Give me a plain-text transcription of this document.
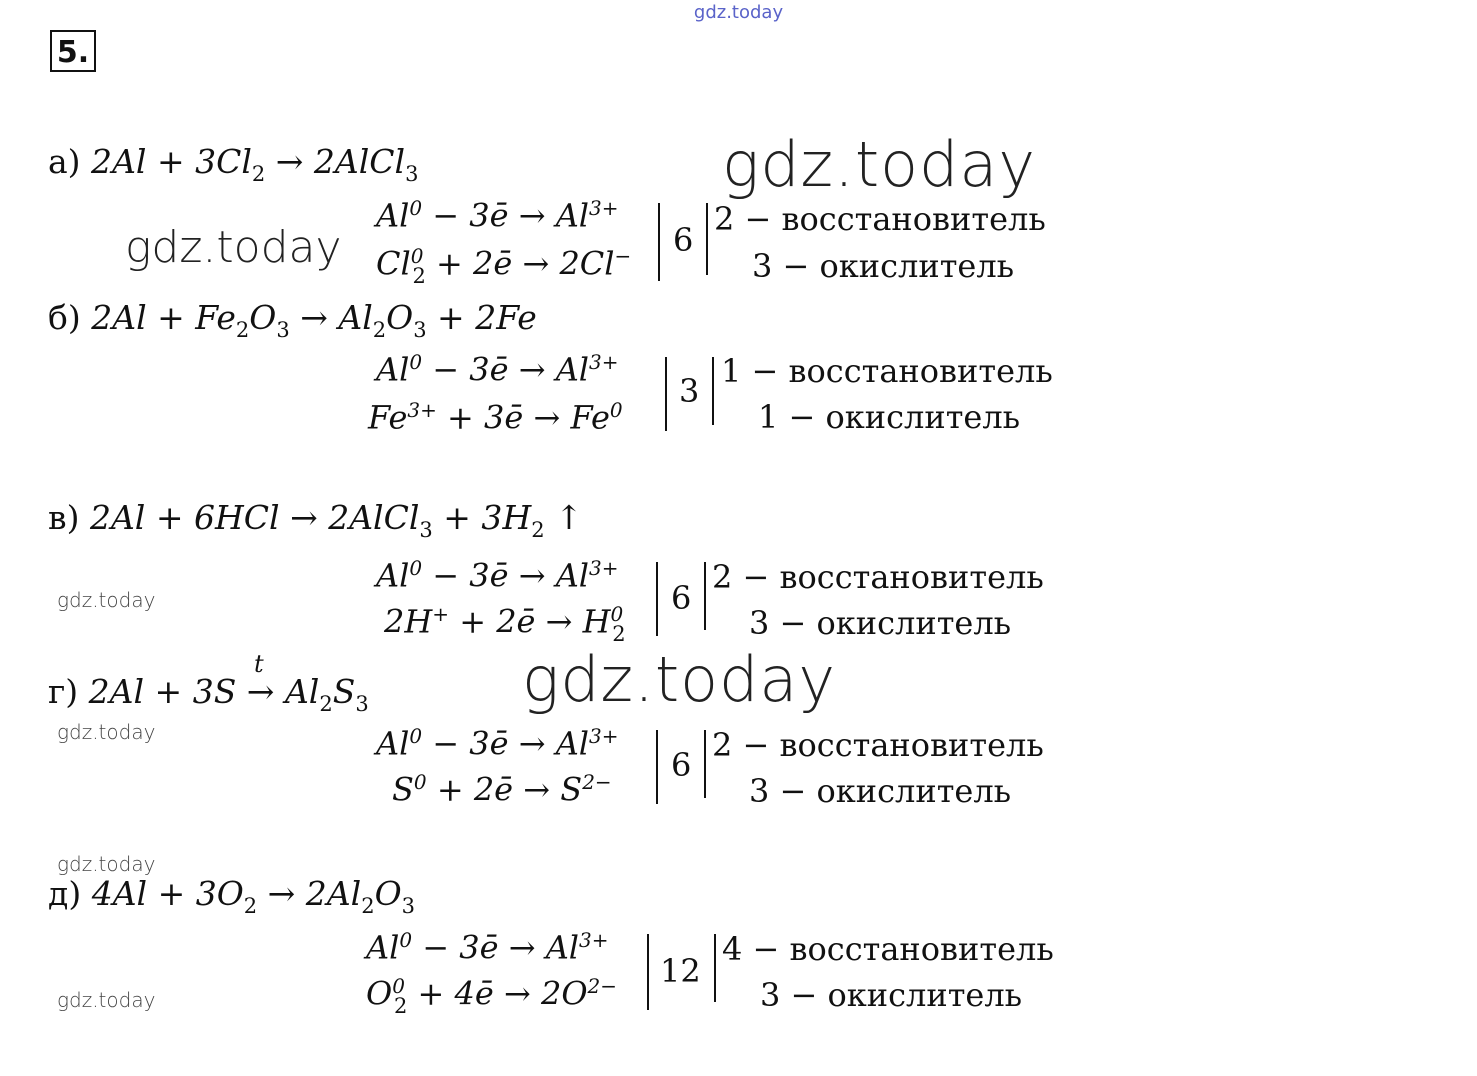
gdz.today
5.
а) $2Al + 3Cl_2$ → 2AlCl$_3$	gdz.today
gdz.today
$Al^0$ − 3ē → $Al^{3+}$
$Cl^0_2$ + 2ē → 2Cl− 6
2 − восстановитель
3 − окислитель
б) $2Al + Fe_2O_3 \to Al_2O_3 + 2Fe$
$Al^0$ − 3ē → $Al^{3+}$
$Fe^{3+}$ + 3ē → $Fe^0$ 3
1 − восстановитель
1 − окислитель
в) 2Al + 6HCl → 2AlCl$_3$ + $3H_2$ ↑
gdz.today
$Al^0$ − 3ē → $Al^{3+}$
2H+ + 2ē → $H^0_2$
6
2 − восстановитель
3 − окислитель
gdz.today
t
г) $2Al + 3S \to Al_2S_3$
gdz.today	$Al^0$ − 3ē → $Al^{3+}$
$S^0$ + 2ē → $S^{2-}$ 6
2 − восстановитель
3 − окислитель
gdz.today
д) $4Al + 3O_2 \to 2Al_2O_3$
$Al^0$ − 3ē → $Al^{3+}$
$O^0_2$ + 4ē → $2O^{2-}$
gdz.today
12
4 − восстановитель
3 − окислитель
